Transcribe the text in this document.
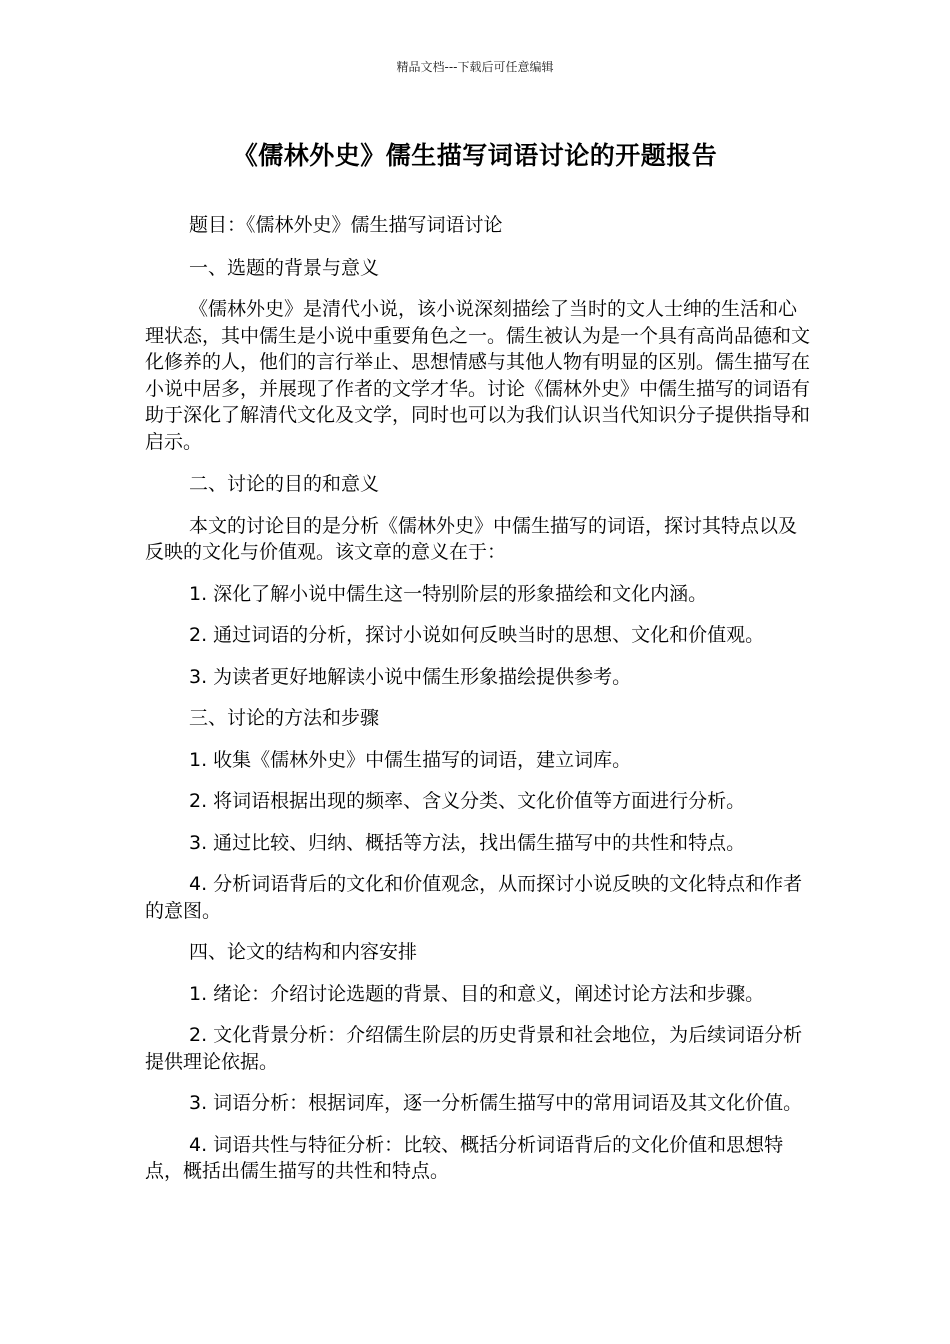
精品文档---下载后可任意编辑
《儒林外史》儒生描写词语讨论的开题报告

题目：《儒林外史》儒生描写词语讨论

一、选题的背景与意义

《儒林外史》是清代小说，该小说深刻描绘了当时的文人士绅的生活和心理状态，其中儒生是小说中重要角色之一。儒生被认为是一个具有高尚品德和文化修养的人，他们的言行举止、思想情感与其他人物有明显的区别。儒生描写在小说中居多，并展现了作者的文学才华。讨论《儒林外史》中儒生描写的词语有助于深化了解清代文化及文学，同时也可以为我们认识当代知识分子提供指导和启示。

二、讨论的目的和意义

本文的讨论目的是分析《儒林外史》中儒生描写的词语，探讨其特点以及反映的文化与价值观。该文章的意义在于：

1. 深化了解小说中儒生这一特别阶层的形象描绘和文化内涵。

2. 通过词语的分析，探讨小说如何反映当时的思想、文化和价值观。

3. 为读者更好地解读小说中儒生形象描绘提供参考。

三、讨论的方法和步骤

1. 收集《儒林外史》中儒生描写的词语，建立词库。

2. 将词语根据出现的频率、含义分类、文化价值等方面进行分析。

3. 通过比较、归纳、概括等方法，找出儒生描写中的共性和特点。

4. 分析词语背后的文化和价值观念，从而探讨小说反映的文化特点和作者的意图。

四、论文的结构和内容安排

1. 绪论：介绍讨论选题的背景、目的和意义，阐述讨论方法和步骤。

2. 文化背景分析：介绍儒生阶层的历史背景和社会地位，为后续词语分析提供理论依据。

3. 词语分析：根据词库，逐一分析儒生描写中的常用词语及其文化价值。

4. 词语共性与特征分析：比较、概括分析词语背后的文化价值和思想特点，概括出儒生描写的共性和特点。
